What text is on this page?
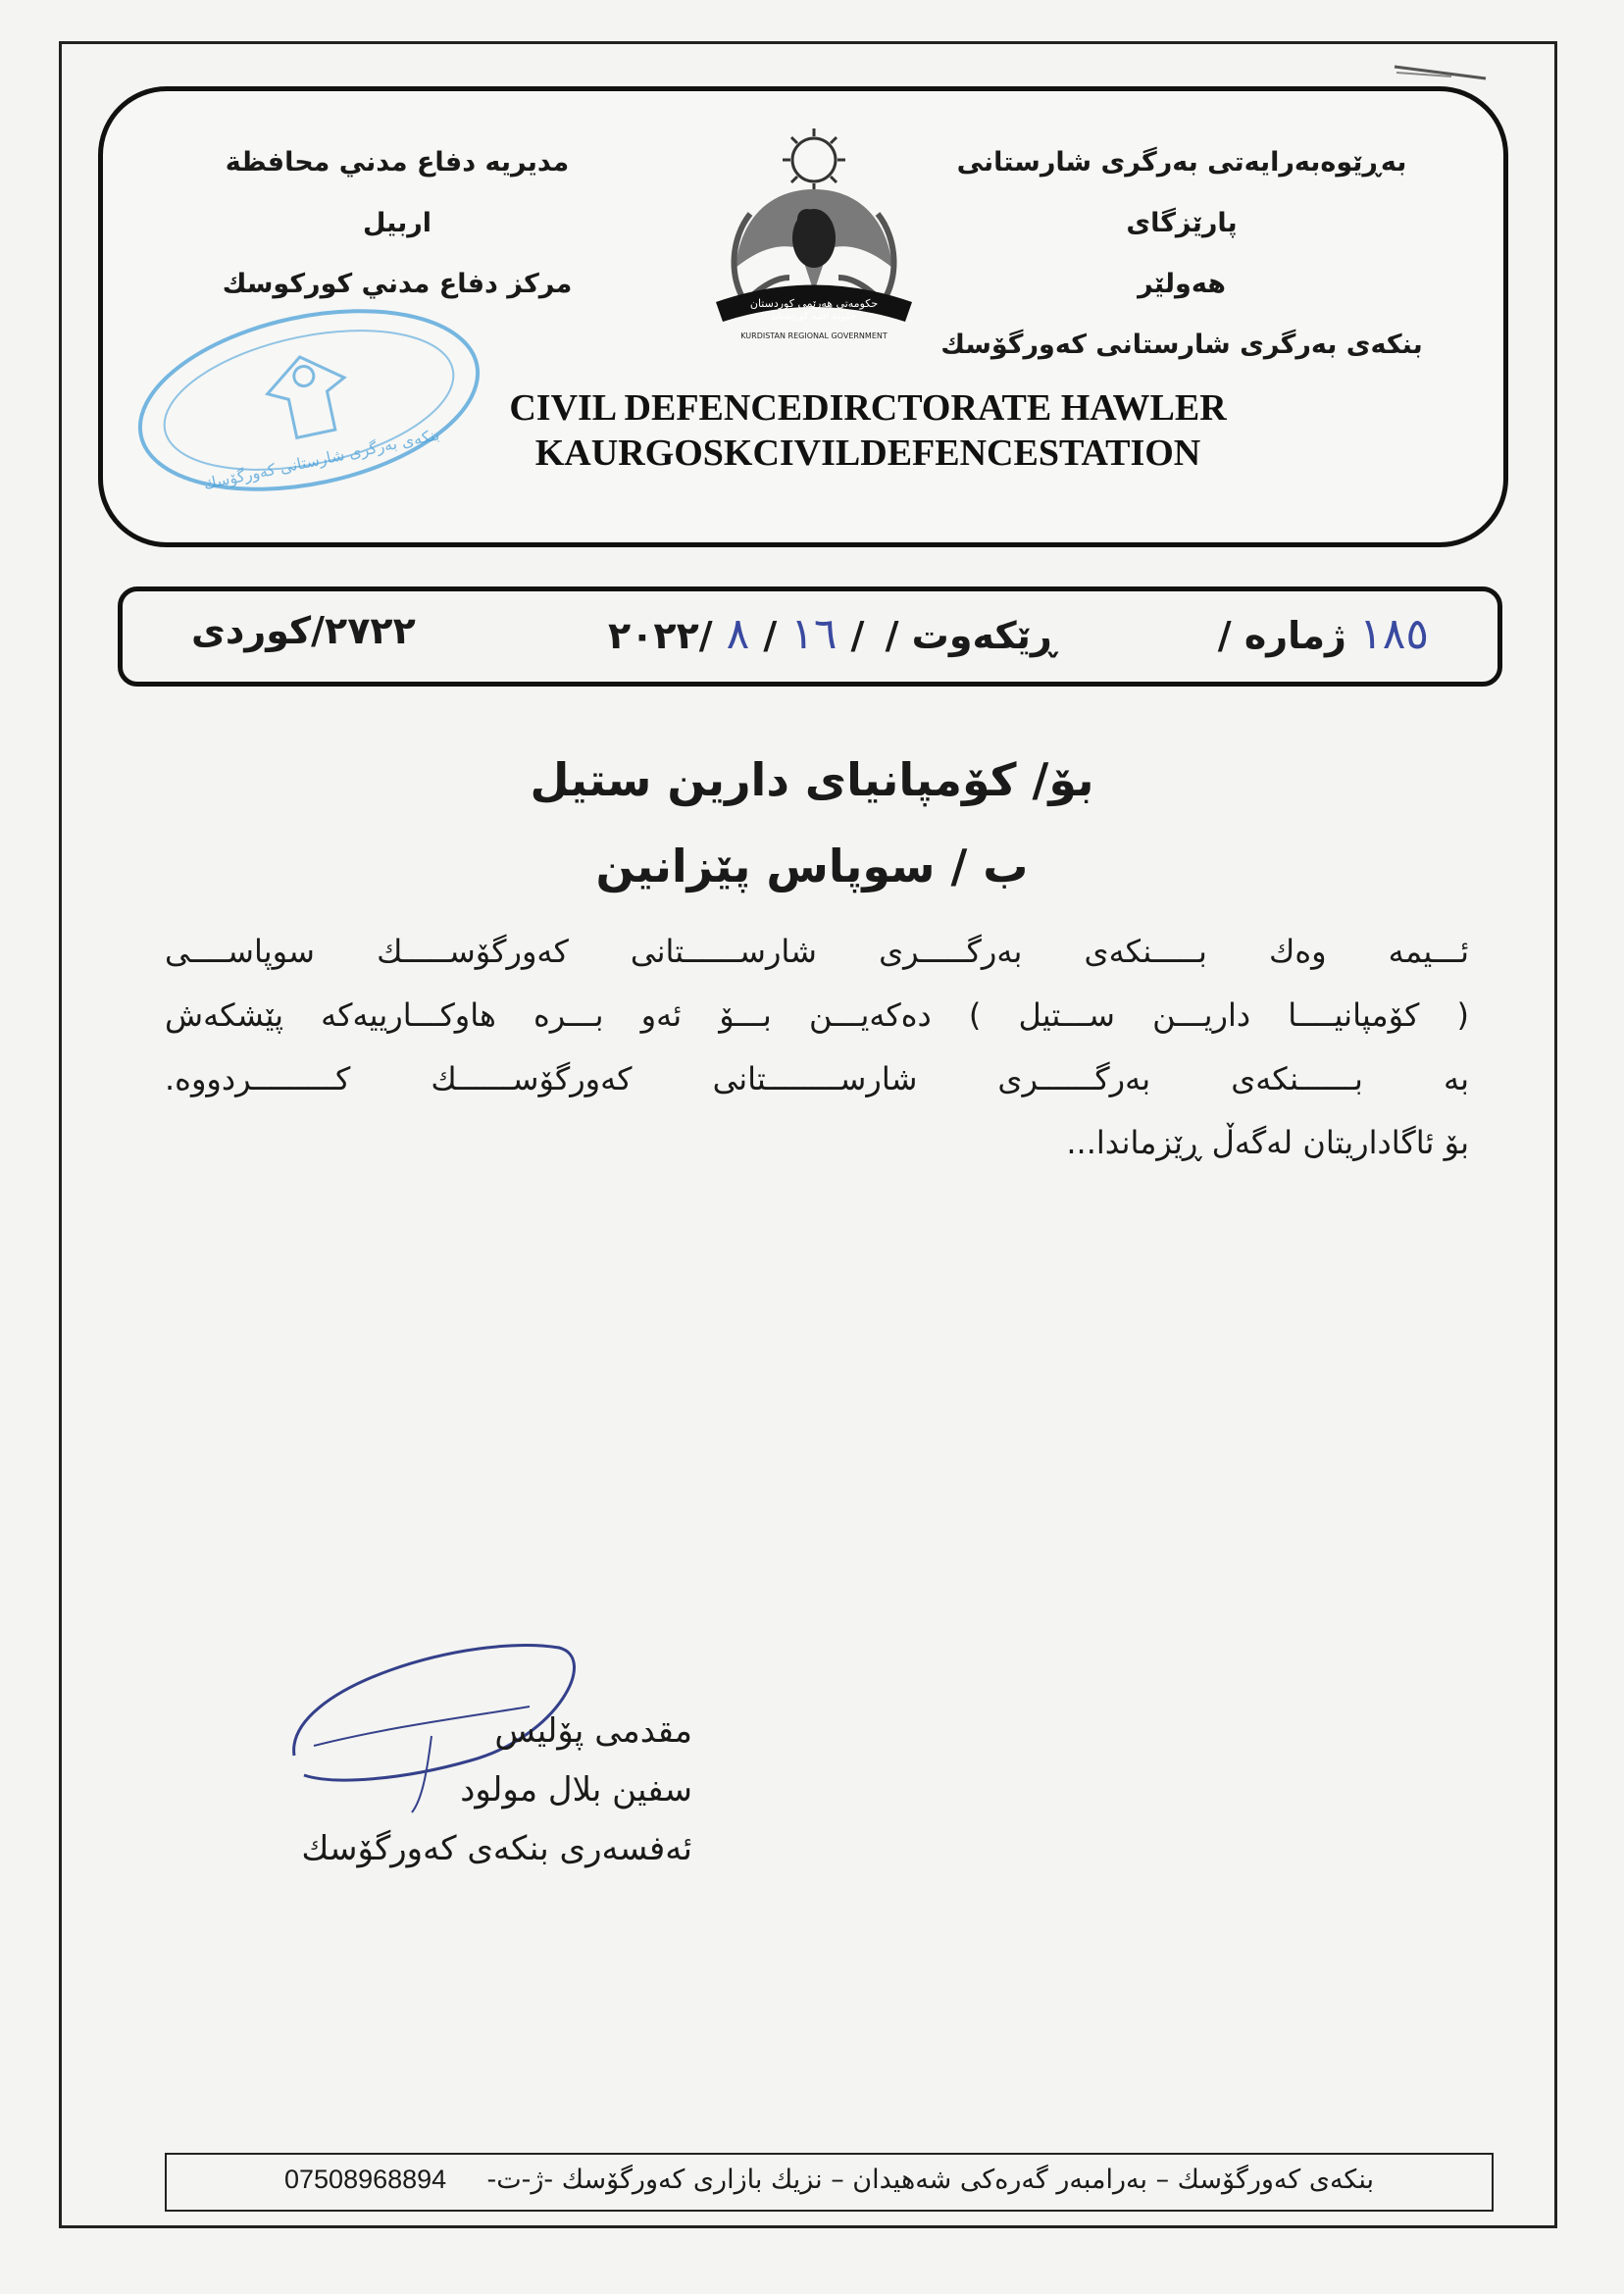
بەڕێوەبەرایەتی بەرگری شارستانی پارێزگای
هەولێر
بنکەی بەرگری شارستانی کەورگۆسك
حکومەتی هەرێمی کوردستان
حكومة اقليم كوردستان
KURDISTAN REGIONAL GOVERNMENT
مديريه دفاع مدني محافظة
اربيل
مركز دفاع مدني كوركوسك
بنکەی بەرگری شارستانی کەورگۆسك
CIVIL DEFENCEDIRCTORATE HAWLER
KAURGOSKCIVILDEFENCESTATION
ژمارە / ١٨٥
٢٠٢٢/ ٨ / ١٦ / ڕێکەوت /
٢٧٢٢/کوردی
بۆ/ کۆمپانیای دارین ستیل
ب / سوپاس پێزانین

ئـــیمە وەك بـــــنکەی بەرگـــــری شارســــــتانی کەورگۆســـــك سوپاســــی

( کۆمپانیــــا داریـــن ســـتیل ) دەکەیـــن بـــۆ ئەو بـــرە هاوکـــارییەکە پێشکەش

بە بــــــنکەی بەرگــــــری شارســــــــتانی کەورگۆســــــك کـــــــــردووە.

بۆ ئاگاداریتان لەگەڵ ڕێزماندا...

مقدمی پۆلیس
سفین بلال مولود
ئەفسەری بنکەی کەورگۆسك
بنکەی کەورگۆسك – بەرامبەر گەرەکی شەهیدان – نزیك بازاری کەورگۆسك -ژ-ت-
07508968894
